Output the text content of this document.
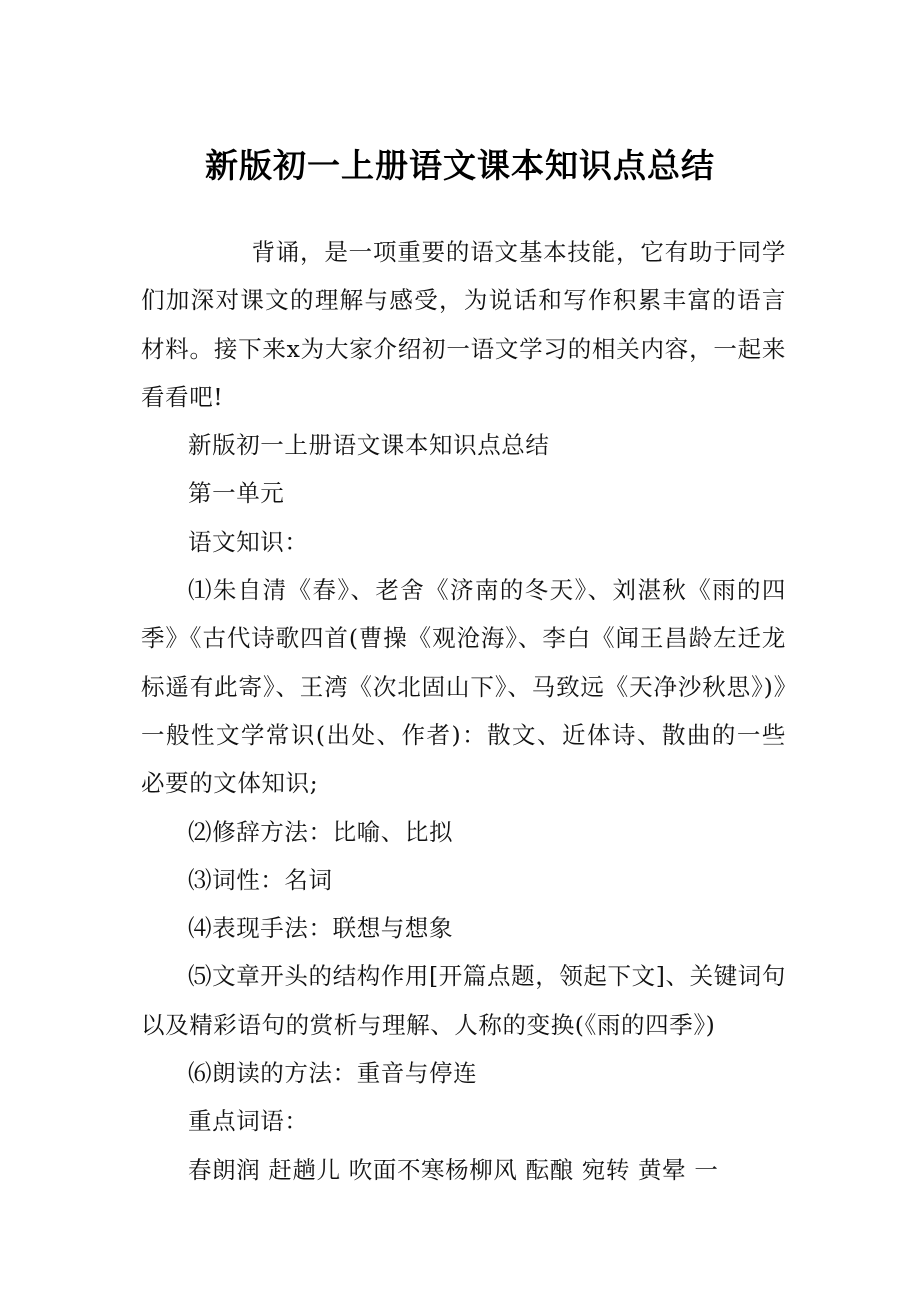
新版初一上册语文课本知识点总结

背诵，是一项重要的语文基本技能，它有助于同学们加深对课文的理解与感受，为说话和写作积累丰富的语言材料。接下来x为大家介绍初一语文学习的相关内容，一起来看看吧!

新版初一上册语文课本知识点总结

第一单元

语文知识：

⑴朱自清《春》、老舍《济南的冬天》、刘湛秋《雨的四季》《古代诗歌四首(曹操《观沧海》、李白《闻王昌龄左迁龙标遥有此寄》、王湾《次北固山下》、马致远《天净沙秋思》)》一般性文学常识(出处、作者)：散文、近体诗、散曲的一些必要的文体知识;

⑵修辞方法：比喻、比拟

⑶词性：名词

⑷表现手法：联想与想象

⑸文章开头的结构作用[开篇点题，领起下文]、关键词句以及精彩语句的赏析与理解、人称的变换(《雨的四季》)

⑹朗读的方法：重音与停连

重点词语：

春朗润 赶趟儿 吹面不寒杨柳风 酝酿 宛转 黄晕 一
